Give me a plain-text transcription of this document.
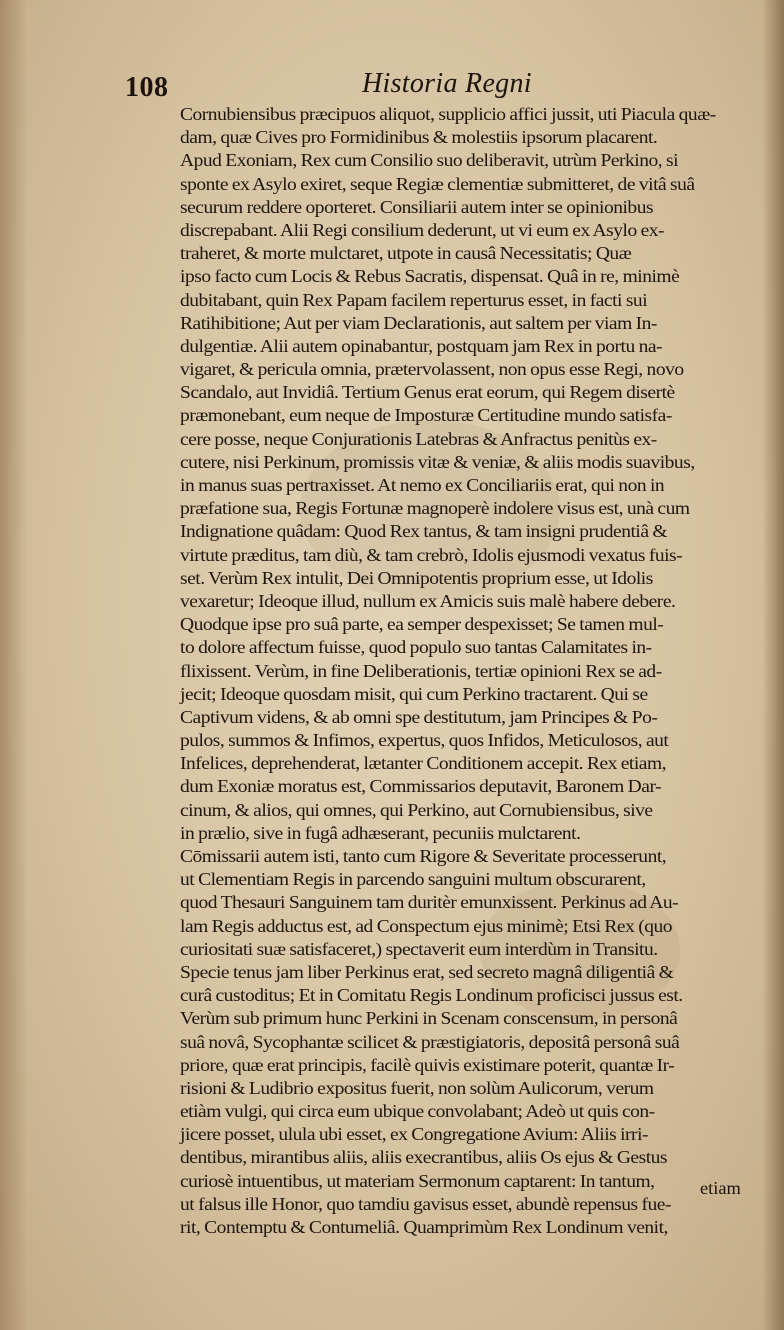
108	Historia Regni
Cornubiensibus præcipuos aliquot, supplicio affici jussit, uti Piacula quæ-
dam, quæ Cives pro Formidinibus & molestiis ipsorum placarent.
Apud Exoniam, Rex cum Consilio suo deliberavit, utrùm Perkino, si
sponte ex Asylo exiret, seque Regiæ clementiæ submitteret, de vitâ suâ
securum reddere oporteret. Consiliarii autem inter se opinionibus
discrepabant. Alii Regi consilium dederunt, ut vi eum ex Asylo ex-
traheret, & morte mulctaret, utpote in causâ Necessitatis; Quæ
ipso facto cum Locis & Rebus Sacratis, dispensat. Quâ in re, minimè
dubitabant, quin Rex Papam facilem reperturus esset, in facti sui
Ratihibitione; Aut per viam Declarationis, aut saltem per viam In-
dulgentiæ. Alii autem opinabantur, postquam jam Rex in portu na-
vigaret, & pericula omnia, prætervolassent, non opus esse Regi, novo
Scandalo, aut Invidiâ. Tertium Genus erat eorum, qui Regem disertè
præmonebant, eum neque de Imposturæ Certitudine mundo satisfa-
cere posse, neque Conjurationis Latebras & Anfractus penitùs ex-
cutere, nisi Perkinum, promissis vitæ & veniæ, & aliis modis suavibus,
in manus suas pertraxisset. At nemo ex Conciliariis erat, qui non in
præfatione sua, Regis Fortunæ magnoperè indolere visus est, unà cum
Indignatione quâdam: Quod Rex tantus, & tam insigni prudentiâ &
virtute præditus, tam diù, & tam crebrò, Idolis ejusmodi vexatus fuis-
set. Verùm Rex intulit, Dei Omnipotentis proprium esse, ut Idolis
vexaretur; Ideoque illud, nullum ex Amicis suis malè habere debere.
Quodque ipse pro suâ parte, ea semper despexisset; Se tamen mul-
to dolore affectum fuisse, quod populo suo tantas Calamitates in-
flixissent. Verùm, in fine Deliberationis, tertiæ opinioni Rex se ad-
jecit; Ideoque quosdam misit, qui cum Perkino tractarent. Qui se
Captivum videns, & ab omni spe destitutum, jam Principes & Po-
pulos, summos & Infimos, expertus, quos Infidos, Meticulosos, aut
Infelices, deprehenderat, lætanter Conditionem accepit. Rex etiam,
dum Exoniæ moratus est, Commissarios deputavit, Baronem Dar-
cinum, & alios, qui omnes, qui Perkino, aut Cornubiensibus, sive
in prælio, sive in fugâ adhæserant, pecuniis mulctarent.
Cōmissarii autem isti, tanto cum Rigore & Severitate processerunt,
ut Clementiam Regis in parcendo sanguini multum obscurarent,
quod Thesauri Sanguinem tam duritèr emunxissent. Perkinus ad Au-
lam Regis adductus est, ad Conspectum ejus minimè; Etsi Rex (quo
curiositati suæ satisfaceret,) spectaverit eum interdùm in Transitu.
Specie tenus jam liber Perkinus erat, sed secreto magnâ diligentiâ &
curâ custoditus; Et in Comitatu Regis Londinum proficisci jussus est.
Verùm sub primum hunc Perkini in Scenam conscensum, in personâ
suâ novâ, Sycophantæ scilicet & præstigiatoris, depositâ personâ suâ
priore, quæ erat principis, facilè quivis existimare poterit, quantæ Ir-
risioni & Ludibrio expositus fuerit, non solùm Aulicorum, verum
etiàm vulgi, qui circa eum ubique convolabant; Adeò ut quis con-
jicere posset, ulula ubi esset, ex Congregatione Avium: Aliis irri-
dentibus, mirantibus aliis, aliis execrantibus, aliis Os ejus & Gestus
curiosè intuentibus, ut materiam Sermonum captarent: In tantum,
ut falsus ille Honor, quo tamdiu gavisus esset, abundè repensus fue-
rit, Contemptu & Contumeliâ. Quamprimùm Rex Londinum venit,
etiam
